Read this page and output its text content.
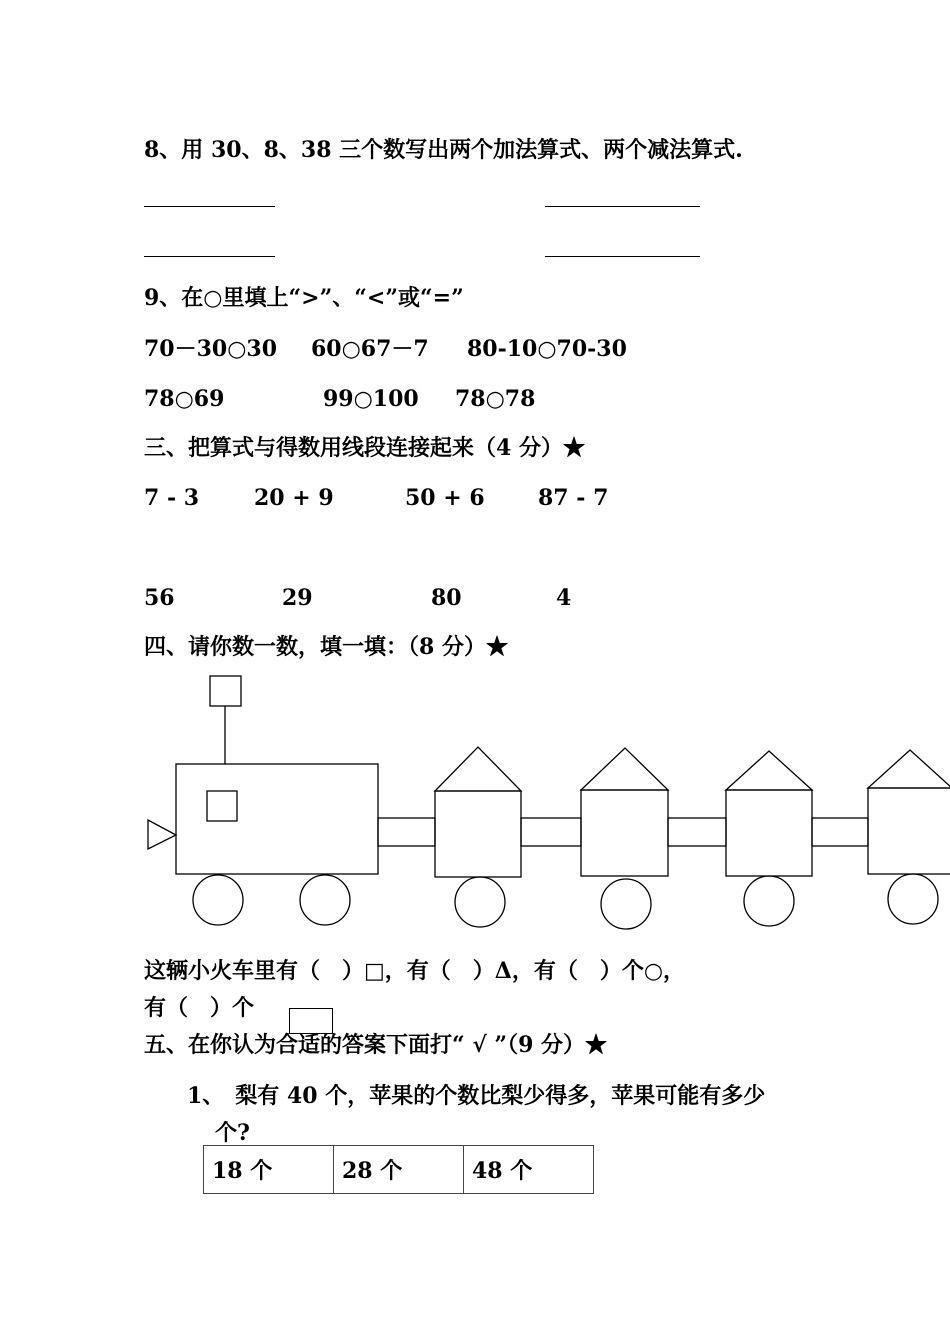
8、用 30、8、38 三个数写出两个加法算式、两个减法算式.
9、在○里填上“>”、“<”或“=”
70－30○30 60○67－7 80-10○70-30
78○69	99○100 78○78
三、把算式与得数用线段连接起来（4 分）★
7 - 3 20 + 9	50 + 6 87 - 7
56	29	80	4
四、请你数一数，填一填：（8 分）★
这辆小火车里有（　）□，有（　）Δ，有（　）个○，
有（　）个
五、在你认为合适的答案下面打“ √ ”（9 分）★
1、　梨有 40 个，苹果的个数比梨少得多，苹果可能有多少
个?
18 个	28 个	48 个
